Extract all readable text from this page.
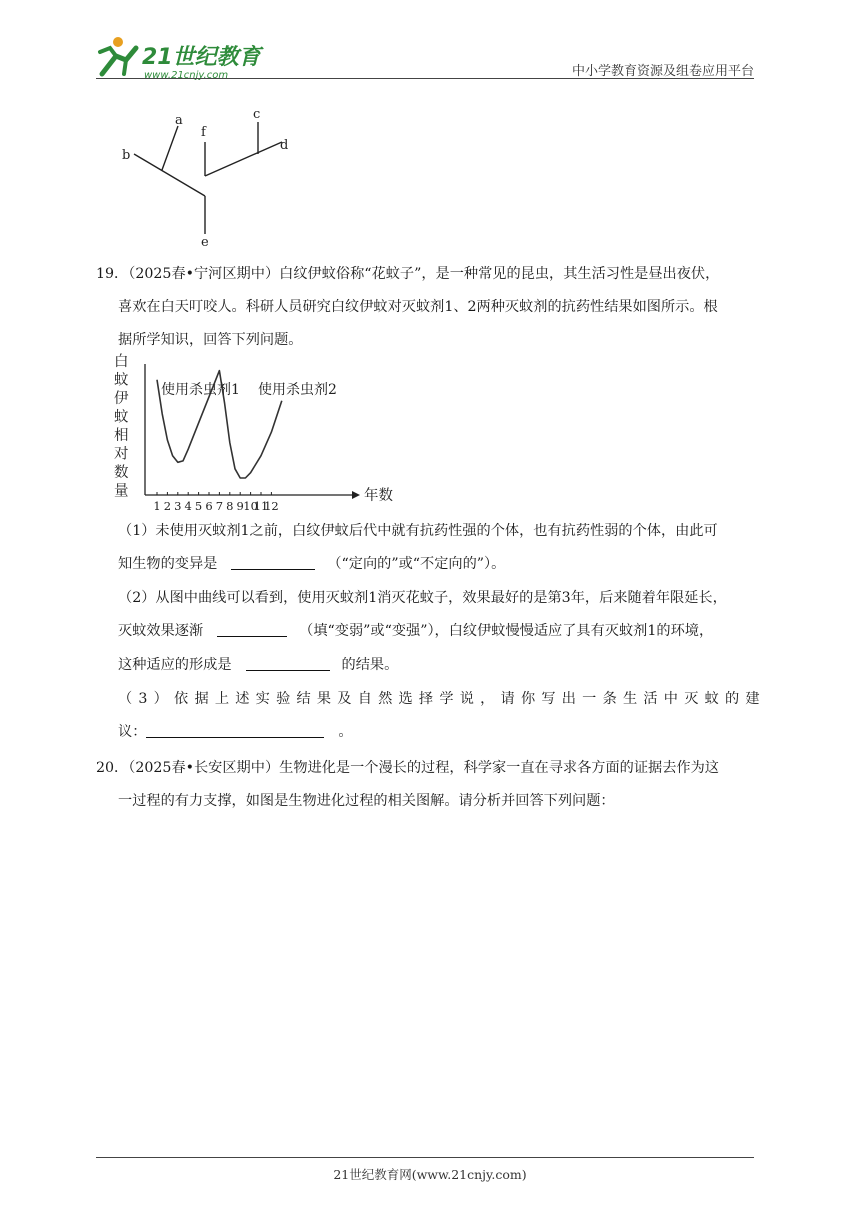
21世纪教育
www.21cnjy.com	中小学教育资源及组卷应用平台
a
b
c
d
e
f
19．（2025春•宁河区期中）白纹伊蚊俗称“花蚊子”，是一种常见的昆虫，其生活习性是昼出夜伏，
喜欢在白天叮咬人。科研人员研究白纹伊蚊对灭蚊剂1、2两种灭蚊剂的抗药性结果如图所示。根
据所学知识，回答下列问题。
白
蚊
伊
蚊
相
对
数
量	年数
1 2 3 4 5 6 7 8 9 10
11
12
使用杀虫剂1 使用杀虫剂2
（1）未使用灭蚊剂1之前，白纹伊蚊后代中就有抗药性强的个体，也有抗药性弱的个体，由此可
知生物的变异是	（“定向的”或“不定向的”）。
（2）从图中曲线可以看到，使用灭蚊剂1消灭花蚊子，效果最好的是第3年，后来随着年限延长，
灭蚊效果逐渐	（填“变弱”或“变强”），白纹伊蚊慢慢适应了具有灭蚊剂1的环境，
这种适应的形成是	的结果。
（ 3 ） 依 据 上 述 实 验 结 果 及 自 然 选 择 学 说 ， 请 你 写 出 一 条 生 活 中 灭 蚊 的 建
议：	。
20．（2025春•长安区期中）生物进化是一个漫长的过程，科学家一直在寻求各方面的证据去作为这
一过程的有力支撑，如图是生物进化过程的相关图解。请分析并回答下列问题：
21世纪教育网(www.21cnjy.com)
